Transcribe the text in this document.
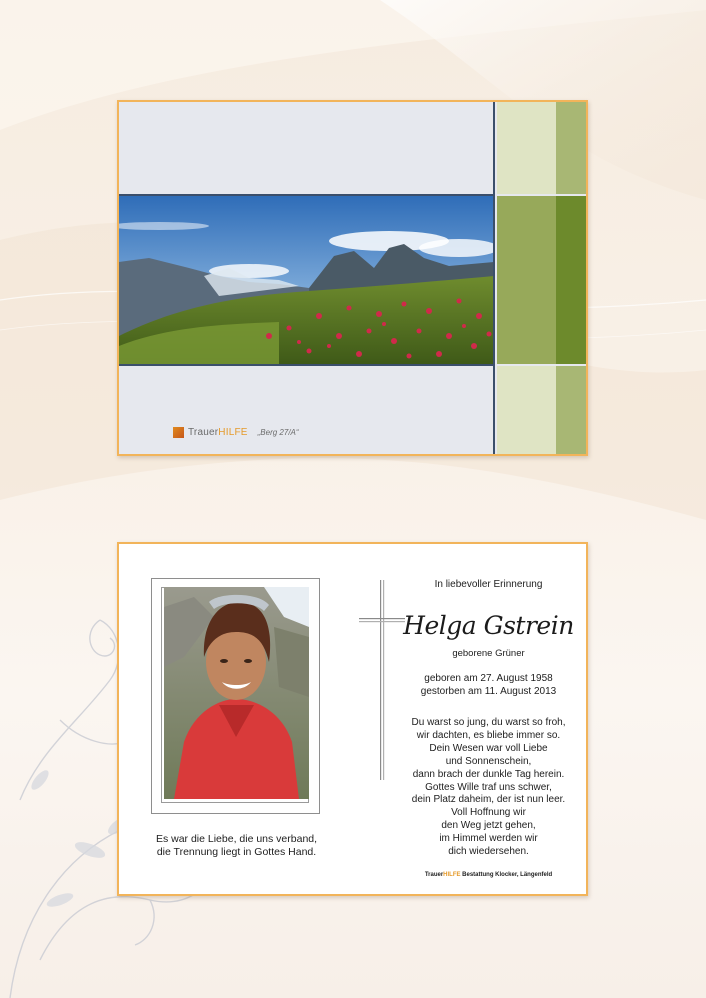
TrauerHILFE „Berg 27/A“
Es war die Liebe, die uns verband,
die Trennung liegt in Gottes Hand.
In liebevoller Erinnerung
Helga Gstrein
geborene Grüner
geboren am 27. August 1958
gestorben am 11. August 2013
Du warst so jung, du warst so froh,
wir dachten, es bliebe immer so.
Dein Wesen war voll Liebe
und Sonnenschein,
dann brach der dunkle Tag herein.
Gottes Wille traf uns schwer,
dein Platz daheim, der ist nun leer.
Voll Hoffnung wir
den Weg jetzt gehen,
im Himmel werden wir
dich wiedersehen.
TrauerHILFE Bestattung Klocker, Längenfeld
